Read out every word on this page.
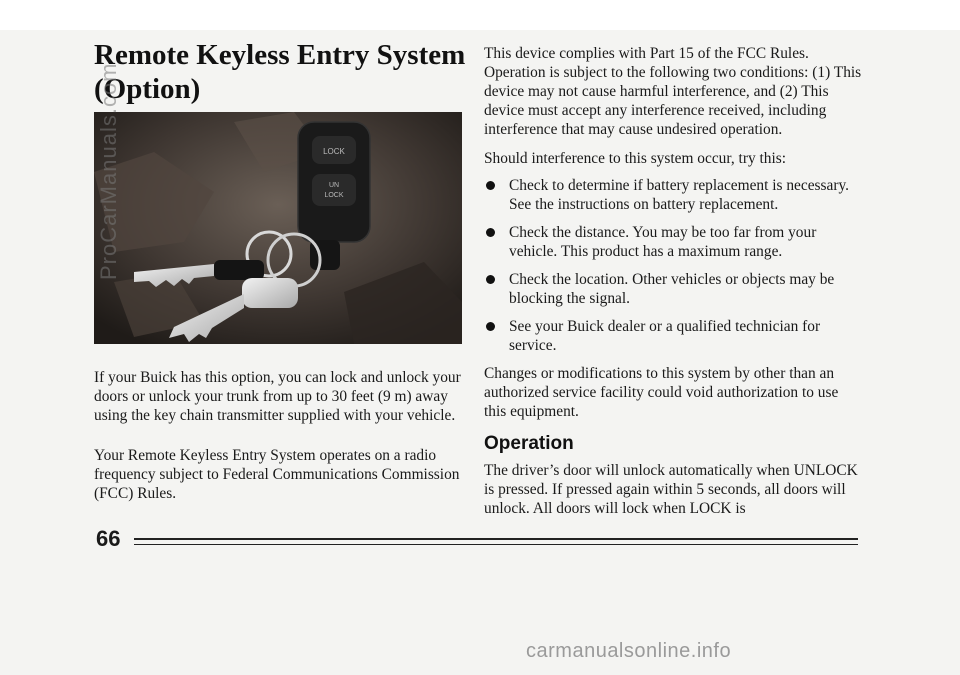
Remote Keyless Entry System
(Option)
LOCK
UN
LOCK

If your Buick has this option, you can lock and unlock your doors or unlock your trunk from up to 30 feet (9 m) away using the key chain transmitter supplied with your vehicle.

Your Remote Keyless Entry System operates on a radio frequency subject to Federal Communications Commission (FCC) Rules.

This device complies with Part 15 of the FCC Rules. Operation is subject to the following two conditions: (1) This device may not cause harmful interference, and (2) This device must accept any interference received, including interference that may cause undesired operation.

Should interference to this system occur, try this:

Check to determine if battery replacement is necessary. See the instructions on battery replacement.
Check the distance. You may be too far from your vehicle. This product has a maximum range.
Check the location. Other vehicles or objects may be blocking the signal.
See your Buick dealer or a qualified technician for service.

Changes or modifications to this system by other than an authorized service facility could void authorization to use this equipment.

Operation

The driver’s door will unlock automatically when UNLOCK is pressed. If pressed again within 5 seconds, all doors will unlock. All doors will lock when LOCK is

66
ProCarManuals.com
carmanualsonline.info
